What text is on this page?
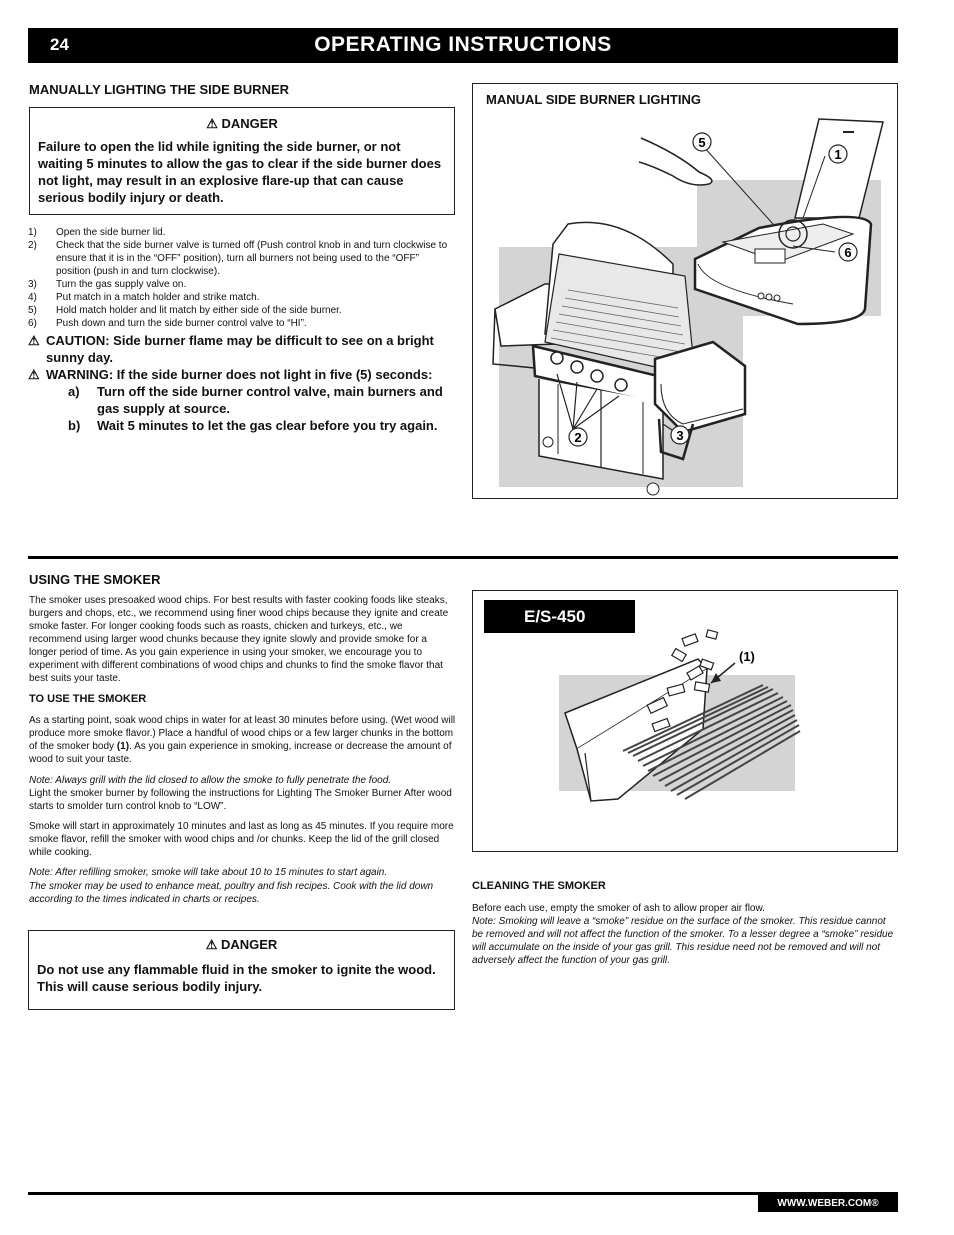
24	OPERATING INSTRUCTIONS
MANUALLY LIGHTING THE SIDE BURNER
⚠ DANGER
Failure to open the lid while igniting the side burner, or not waiting 5 minutes to allow the gas to clear if the side burner does not light, may result in an explosive flare-up that can cause serious bodily injury or death.
1)	Open the side burner lid.
2)	Check that the side burner valve is turned off (Push control knob in and turn clockwise to ensure that it is in the “OFF” position), turn all burners not being used to the “OFF” position (push in and turn clockwise).
3)	Turn the gas supply valve on.
4)	Put match in a match holder and strike match.
5)	Hold match holder and lit match by either side of the side burner.
6)	Push down and turn the side burner control valve to “HI”.
⚠ CAUTION: Side burner flame may be difficult to see on a bright sunny day.
⚠ WARNING: If the side burner does not light in five (5) seconds:
a)	Turn off the side burner control valve, main burners and gas supply at source.
b)	Wait 5 minutes to let the gas clear before you try again.
MANUAL SIDE BURNER LIGHTING
5
1
6
2	3
USING THE SMOKER
The smoker uses presoaked wood chips. For best results with faster cooking foods like steaks, burgers and chops, etc., we recommend using finer wood chips because they ignite and create smoke faster. For longer cooking foods such as roasts, chicken and turkeys, etc., we recommend using larger wood chunks because they ignite slowly and provide smoke for a longer period of time. As you gain experience in using your smoker, we encourage you to experiment with different combinations of wood chips and chunks to find the smoke flavor that best suits your taste.
TO USE THE SMOKER
As a starting point, soak wood chips in water for at least 30 minutes before using. (Wet wood will produce more smoke flavor.) Place a handful of wood chips or a few larger chunks in the bottom of the smoker body (1). As you gain experience in smoking, increase or decrease the amount of wood to suit your taste.
Note: Always grill with the lid closed to allow the smoke to fully penetrate the food.
Light the smoker burner by following the instructions for Lighting The Smoker Burner After wood starts to smolder turn control knob to “LOW”.
Smoke will start in approximately 10 minutes and last as long as 45 minutes. If you require more smoke flavor, refill the smoker with wood chips and /or chunks. Keep the lid of the grill closed while cooking.
Note: After refilling smoker, smoke will take about 10 to 15 minutes to start again.
The smoker may be used to enhance meat, poultry and fish recipes. Cook with the lid down according to the times indicated in charts or recipes.
⚠ DANGER
Do not use any flammable fluid in the smoker to ignite the wood. This will cause serious bodily injury.
(1)
E/S-450
CLEANING THE SMOKER
Before each use, empty the smoker of ash to allow proper air flow.
Note: Smoking will leave a “smoke” residue on the surface of the smoker. This residue cannot be removed and will not affect the function of the smoker. To a lesser degree a “smoke” residue will accumulate on the inside of your gas grill. This residue need not be removed and will not adversely affect the function of your gas grill.
WWW.WEBER.COM®
